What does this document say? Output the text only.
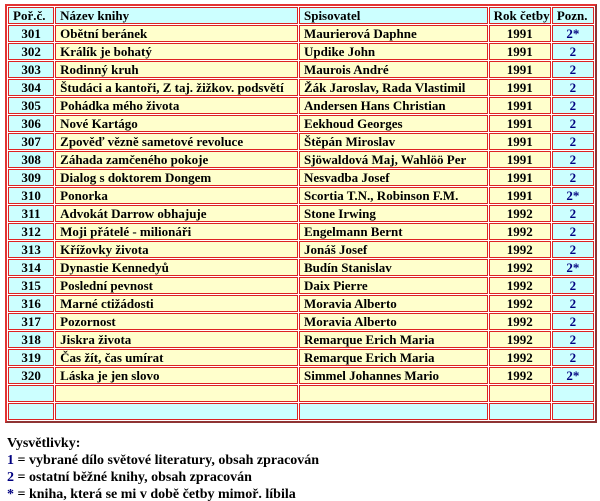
Poř.č.	Název knihy	Spisovatel	Rok četby	Pozn.
301	Obětní beránek	Maurierová Daphne	1991	2*
302	Králík je bohatý	Updike John	1991	2
303	Rodinný kruh	Maurois André	1991	2
304	Študáci a kantoři, Z taj. žižkov. podsvětí	Žák Jaroslav, Rada Vlastimil	1991	2
305	Pohádka mého života	Andersen Hans Christian	1991	2
306	Nové Kartágo	Eekhoud Georges	1991	2
307	Zpověď vězně sametové revoluce	Štěpán Miroslav	1991	2
308	Záhada zamčeného pokoje	Sjöwaldová Maj, Wahlöö Per	1991	2
309	Dialog s doktorem Dongem	Nesvadba Josef	1991	2
310	Ponorka	Scortia T.N., Robinson F.M.	1991	2*
311	Advokát Darrow obhajuje	Stone Irwing	1992	2
312	Moji přátelé - milionáři	Engelmann Bernt	1992	2
313	Křížovky života	Jonáš Josef	1992	2
314	Dynastie Kennedyů	Budín Stanislav	1992	2*
315	Poslední pevnost	Daix Pierre	1992	2
316	Marné ctižádosti	Moravia Alberto	1992	2
317	Pozornost	Moravia Alberto	1992	2
318	Jiskra života	Remarque Erich Maria	1992	2
319	Čas žít, čas umírat	Remarque Erich Maria	1992	2
320	Láska je jen slovo	Simmel Johannes Mario	1992	2*

Vysvětlivky:
1 = vybrané dílo světové literatury, obsah zpracován
2 = ostatní běžné knihy, obsah zpracován
* = kniha, která se mi v době četby mimoř. líbila
